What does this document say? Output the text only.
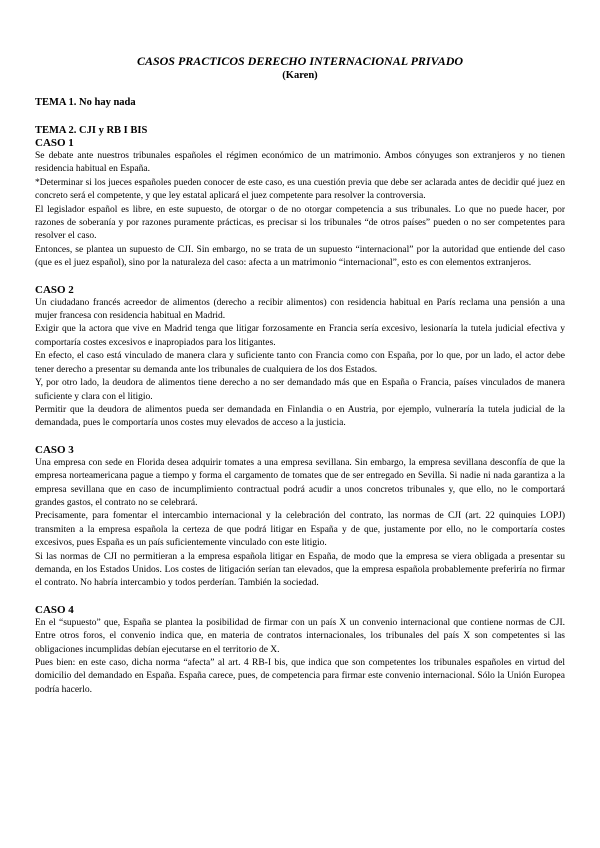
CASOS PRACTICOS DERECHO INTERNACIONAL PRIVADO

(Karen)

TEMA 1. No hay nada

TEMA 2. CJI y RB I BIS

CASO 1

Se debate ante nuestros tribunales españoles el régimen económico de un matrimonio. Ambos cónyuges son extranjeros y no tienen residencia habitual en España.

*Determinar si los jueces españoles pueden conocer de este caso, es una cuestión previa que debe ser aclarada antes de decidir qué juez en concreto será el competente, y que ley estatal aplicará el juez competente para resolver la controversia.

El legislador español es libre, en este supuesto, de otorgar o de no otorgar competencia a sus tribunales. Lo que no puede hacer, por razones de soberanía y por razones puramente prácticas, es precisar si los tribunales “de otros países” pueden o no ser competentes para resolver el caso.

Entonces, se plantea un supuesto de CJI. Sin embargo, no se trata de un supuesto “internacional” por la autoridad que entiende del caso (que es el juez español), sino por la naturaleza del caso: afecta a un matrimonio “internacional”, esto es con elementos extranjeros.

CASO 2

Un ciudadano francés acreedor de alimentos (derecho a recibir alimentos) con residencia habitual en París reclama una pensión a una mujer francesa con residencia habitual en Madrid.

Exigir que la actora que vive en Madrid tenga que litigar forzosamente en Francia sería excesivo, lesionaría la tutela judicial efectiva y comportaría costes excesivos e inapropiados para los litigantes.

En efecto, el caso está vinculado de manera clara y suficiente tanto con Francia como con España, por lo que, por un lado, el actor debe tener derecho a presentar su demanda ante los tribunales de cualquiera de los dos Estados.

Y, por otro lado, la deudora de alimentos tiene derecho a no ser demandado más que en España o Francia, países vinculados de manera suficiente y clara con el litigio.

Permitir que la deudora de alimentos pueda ser demandada en Finlandia o en Austria, por ejemplo, vulneraría la tutela judicial de la demandada, pues le comportaría unos costes muy elevados de acceso a la justicia.

CASO 3

Una empresa con sede en Florida desea adquirir tomates a una empresa sevillana. Sin embargo, la empresa sevillana desconfía de que la empresa norteamericana pague a tiempo y forma el cargamento de tomates que de ser entregado en Sevilla. Si nadie ni nada garantiza a la empresa sevillana que en caso de incumplimiento contractual podrá acudir a unos concretos tribunales y, que ello, no le comportará grandes gastos, el contrato no se celebrará.

Precisamente, para fomentar el intercambio internacional y la celebración del contrato, las normas de CJI (art. 22 quinquies LOPJ) transmiten a la empresa española la certeza de que podrá litigar en España y de que, justamente por ello, no le comportaría costes excesivos, pues España es un país suficientemente vinculado con este litigio.

Si las normas de CJI no permitieran a la empresa española litigar en España, de modo que la empresa se viera obligada a presentar su demanda, en los Estados Unidos. Los costes de litigación serían tan elevados, que la empresa española probablemente preferiría no firmar el contrato. No habría intercambio y todos perderían. También la sociedad.

CASO 4

En el “supuesto” que, España se plantea la posibilidad de firmar con un país X un convenio internacional que contiene normas de CJI. Entre otros foros, el convenio indica que, en materia de contratos internacionales, los tribunales del país X son competentes si las obligaciones incumplidas debían ejecutarse en el territorio de X.

Pues bien: en este caso, dicha norma “afecta” al art. 4 RB-I bis, que indica que son competentes los tribunales españoles en virtud del domicilio del demandado en España. España carece, pues, de competencia para firmar este convenio internacional. Sólo la Unión Europea podría hacerlo.
